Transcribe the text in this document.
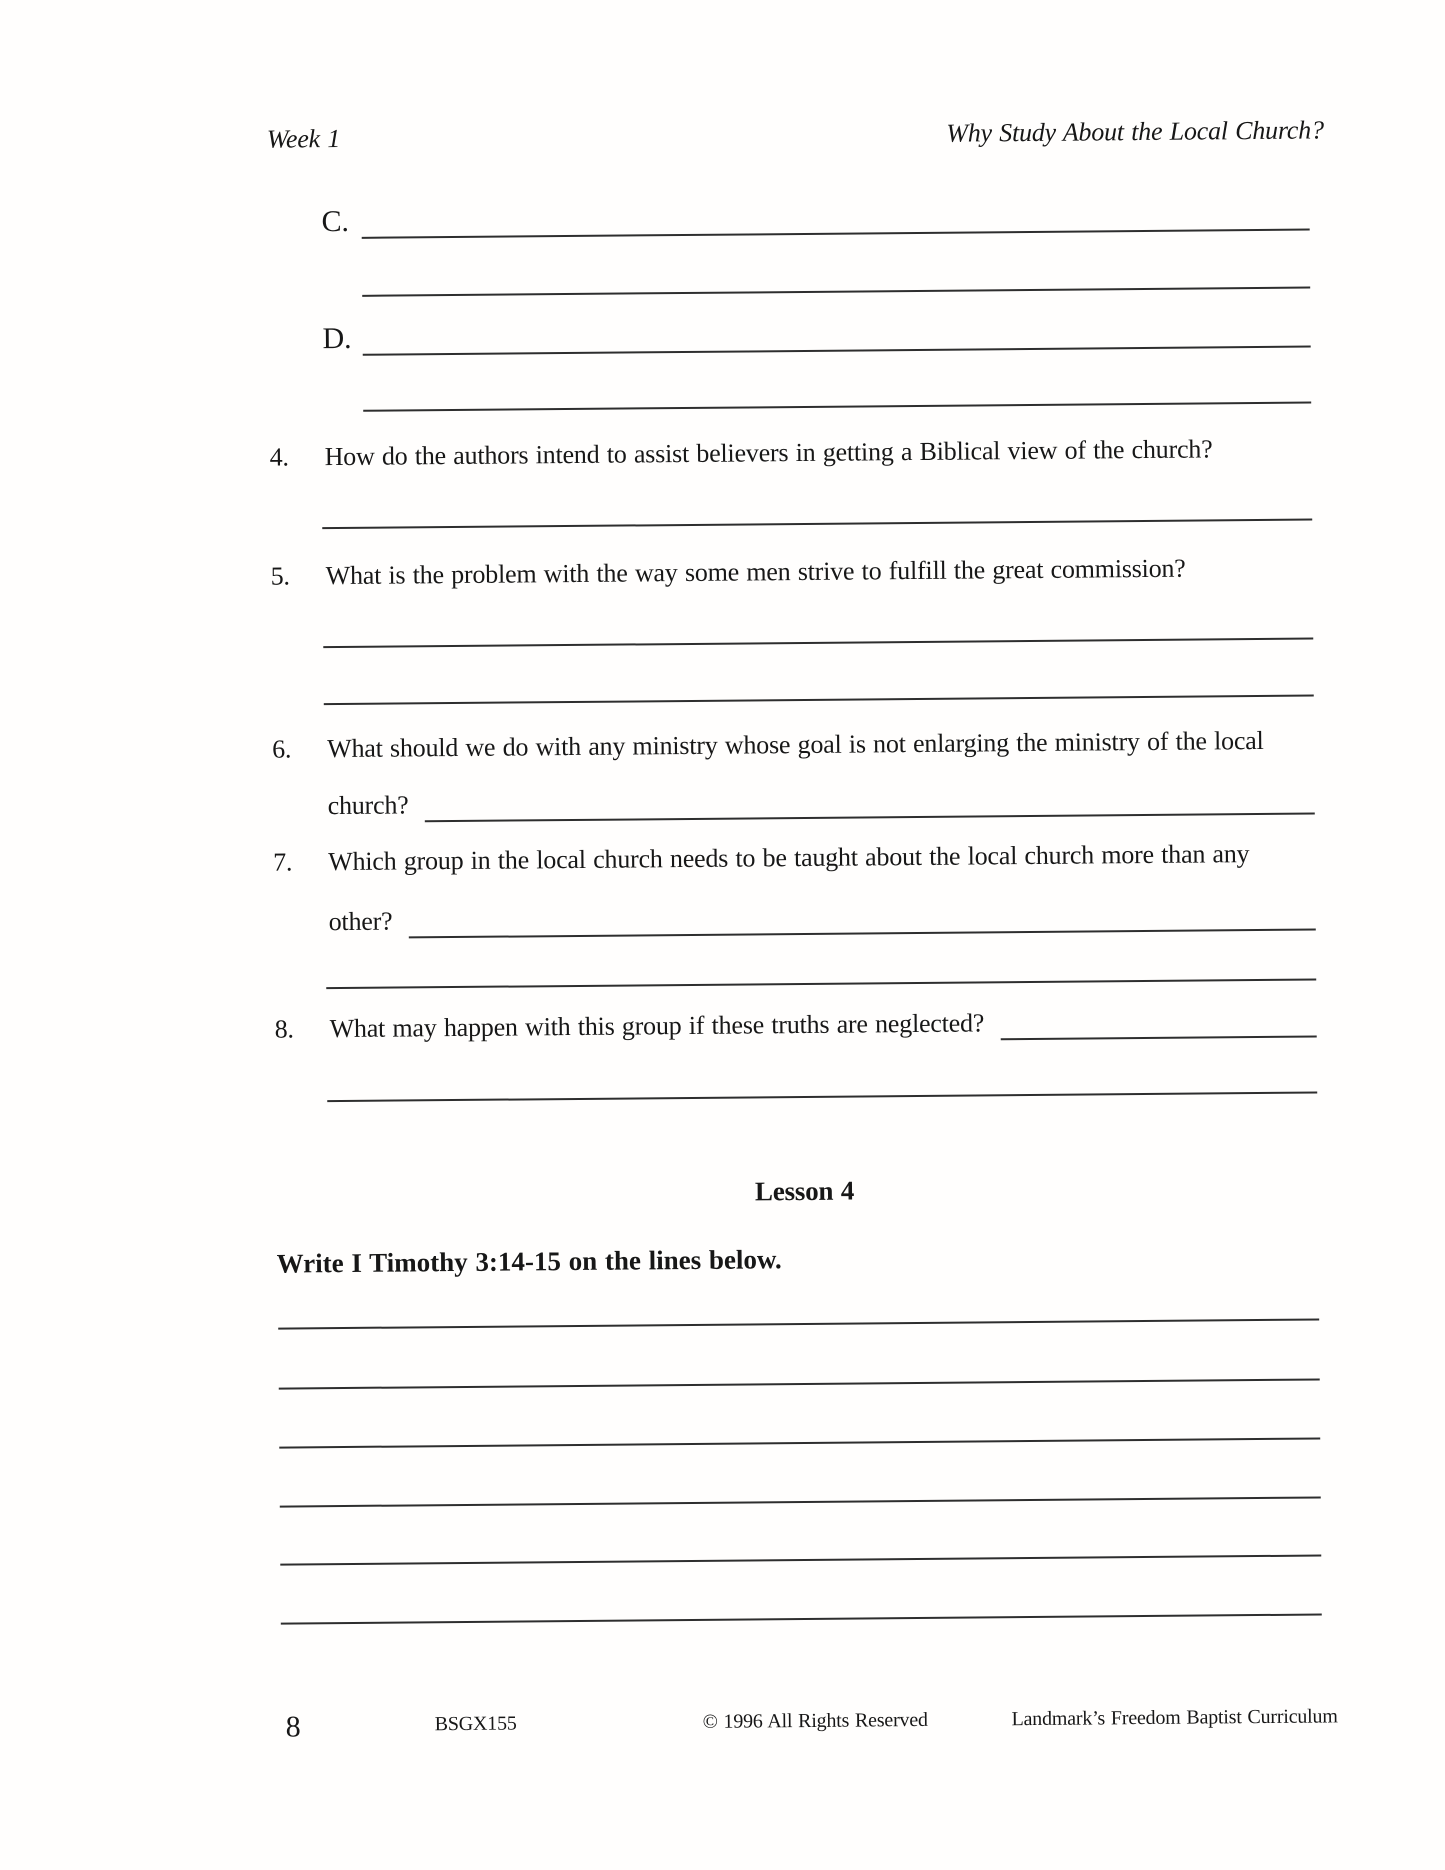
Week 1	Why Study About the Local Church?
C.
D.
4.	How do the authors intend to assist believers in getting a Biblical view of the church?
5.	What is the problem with the way some men strive to fulfill the great commission?
6.	What should we do with any ministry whose goal is not enlarging the ministry of the local
church?
7.	Which group in the local church needs to be taught about the local church more than any
other?
8.	What may happen with this group if these truths are neglected?
Lesson 4
Write I Timothy 3:14-15 on the lines below.
8	BSGX155	© 1996 All Rights Reserved	Landmark’s Freedom Baptist Curriculum
